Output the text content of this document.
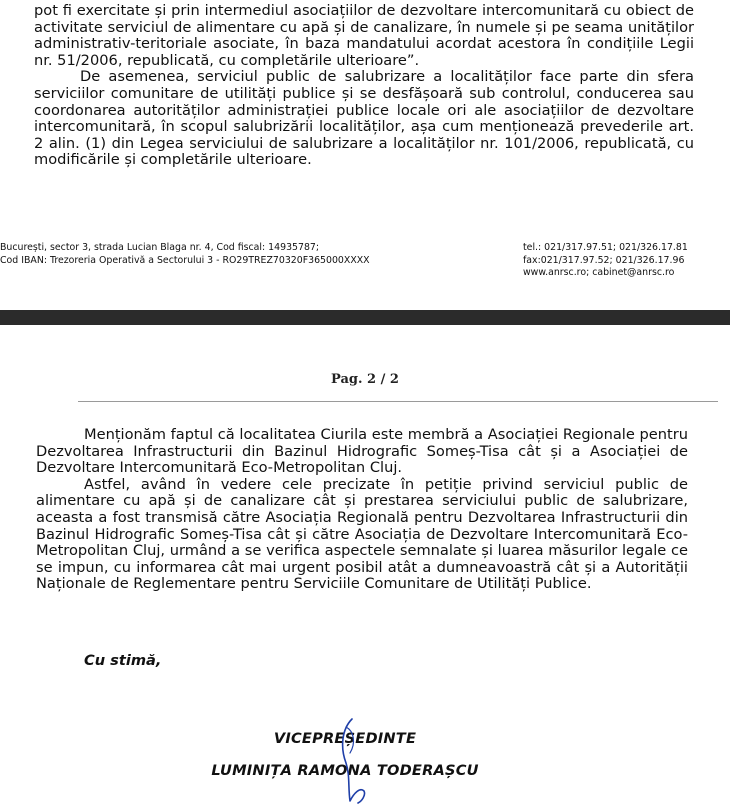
pot fi exercitate și prin intermediul asociațiilor de dezvoltare intercomunitară cu obiect de activitate serviciul de alimentare cu apă și de canalizare, în numele și pe seama unităților administrativ-teritoriale asociate, în baza mandatului acordat acestora în condițiile Legii nr. 51/2006, republicată, cu completările ulterioare”.

De asemenea, serviciul public de salubrizare a localităților face parte din sfera serviciilor comunitare de utilități publice și se desfășoară sub controlul, conducerea sau coordonarea autorităților administrației publice locale ori ale asociațiilor de dezvoltare intercomunitară, în scopul salubrizării localităților, așa cum menționează prevederile art. 2 alin. (1) din Legea serviciului de salubrizare a localităților nr. 101/2006, republicată, cu modificările și completările ulterioare.

București, sector 3, strada Lucian Blaga nr. 4, Cod fiscal: 14935787;
Cod IBAN: Trezoreria Operativă a Sectorului 3 - RO29TREZ70320F365000XXXX
tel.: 021/317.97.51; 021/326.17.81
fax:021/317.97.52; 021/326.17.96
www.anrsc.ro; cabinet@anrsc.ro
Pag. 2 / 2

Menționăm faptul că localitatea Ciurila este membră a Asociației Regionale pentru Dezvoltarea Infrastructurii din Bazinul Hidrografic Someș-Tisa cât și a Asociației de Dezvoltare Intercomunitară Eco-Metropolitan Cluj.

Astfel, având în vedere cele precizate în petiție privind serviciul public de alimentare cu apă și de canalizare cât și prestarea serviciului public de salubrizare, aceasta a fost transmisă către Asociația Regională pentru Dezvoltarea Infrastructurii din Bazinul Hidrografic Someș-Tisa cât și către Asociația de Dezvoltare Intercomunitară Eco-Metropolitan Cluj, urmând a se verifica aspectele semnalate și luarea măsurilor legale ce se impun, cu informarea cât mai urgent posibil atât a dumneavoastră cât și a Autorității Naționale de Reglementare pentru Serviciile Comunitare de Utilități Publice.

Cu stimă,
VICEPREȘEDINTE
LUMINIȚA RAMONA TODERAȘCU
